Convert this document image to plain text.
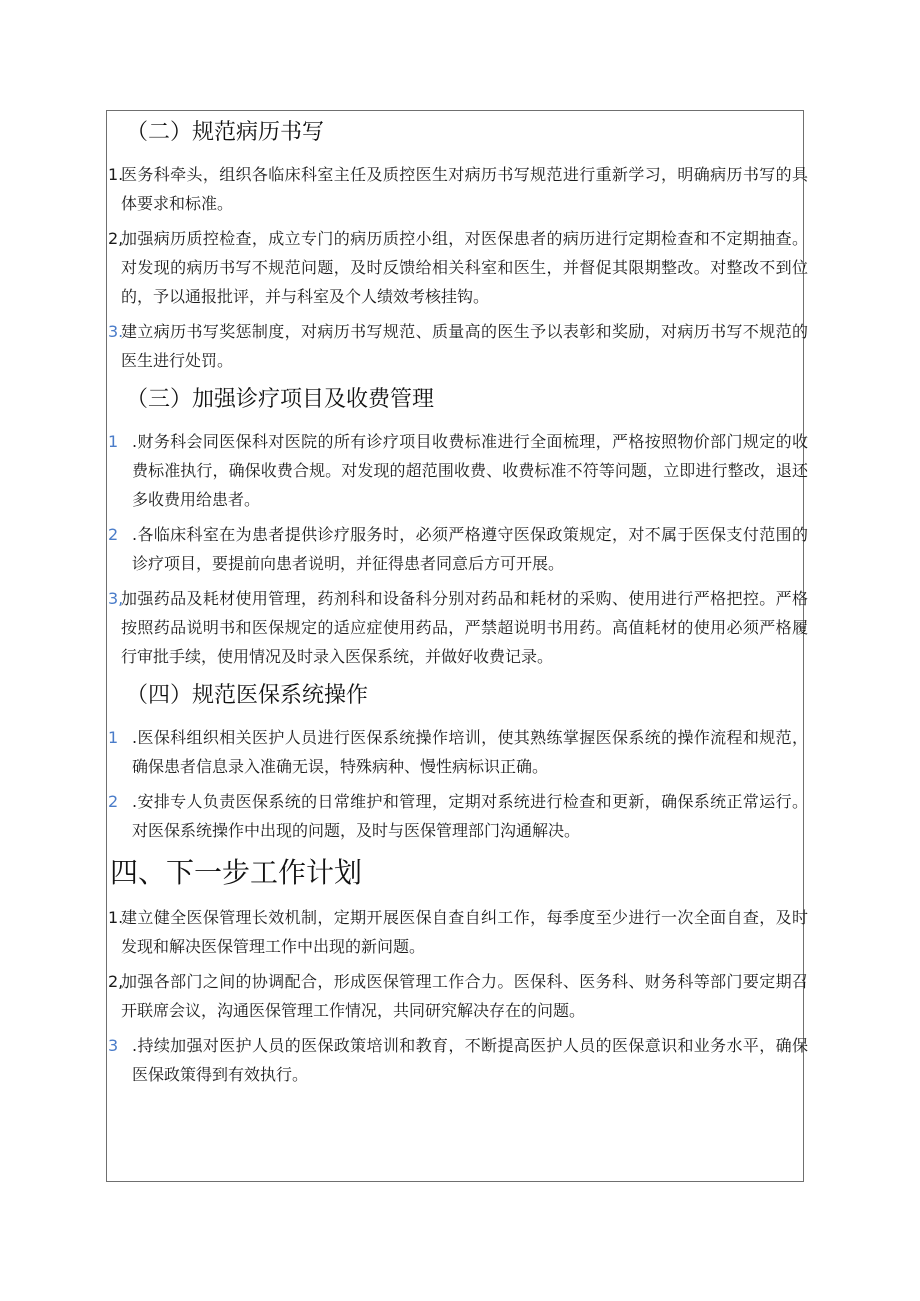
（二）规范病历书写
1.
医务科牵头，组织各临床科室主任及质控医生对病历书写规范进行重新学习，明确病历书写的具体要求和标准。
2,
加强病历质控检查，成立专门的病历质控小组，对医保患者的病历进行定期检查和不定期抽查。对发现的病历书写不规范问题，及时反馈给相关科室和医生，并督促其限期整改。对整改不到位的，予以通报批评，并与科室及个人绩效考核挂钩。
3.
建立病历书写奖惩制度，对病历书写规范、质量高的医生予以表彰和奖励，对病历书写不规范的医生进行处罚。
（三）加强诊疗项目及收费管理
1 .财务科会同医保科对医院的所有诊疗项目收费标准进行全面梳理，严格按照物价部门规定的收费标准执行，确保收费合规。对发现的超范围收费、收费标准不符等问题，立即进行整改，退还多收费用给患者。
2 .各临床科室在为患者提供诊疗服务时，必须严格遵守医保政策规定，对不属于医保支付范围的诊疗项目，要提前向患者说明，并征得患者同意后方可开展。
3,
加强药品及耗材使用管理，药剂科和设备科分别对药品和耗材的采购、使用进行严格把控。严格按照药品说明书和医保规定的适应症使用药品，严禁超说明书用药。高值耗材的使用必须严格履行审批手续，使用情况及时录入医保系统，并做好收费记录。
（四）规范医保系统操作
1 .医保科组织相关医护人员进行医保系统操作培训，使其熟练掌握医保系统的操作流程和规范，确保患者信息录入准确无误，特殊病种、慢性病标识正确。
2 .安排专人负责医保系统的日常维护和管理，定期对系统进行检查和更新，确保系统正常运行。对医保系统操作中出现的问题，及时与医保管理部门沟通解决。
四、下一步工作计划
1.
建立健全医保管理长效机制，定期开展医保自查自纠工作，每季度至少进行一次全面自查，及时发现和解决医保管理工作中出现的新问题。
2,
加强各部门之间的协调配合，形成医保管理工作合力。医保科、医务科、财务科等部门要定期召开联席会议，沟通医保管理工作情况，共同研究解决存在的问题。
3 .持续加强对医护人员的医保政策培训和教育，不断提高医护人员的医保意识和业务水平，确保医保政策得到有效执行。
